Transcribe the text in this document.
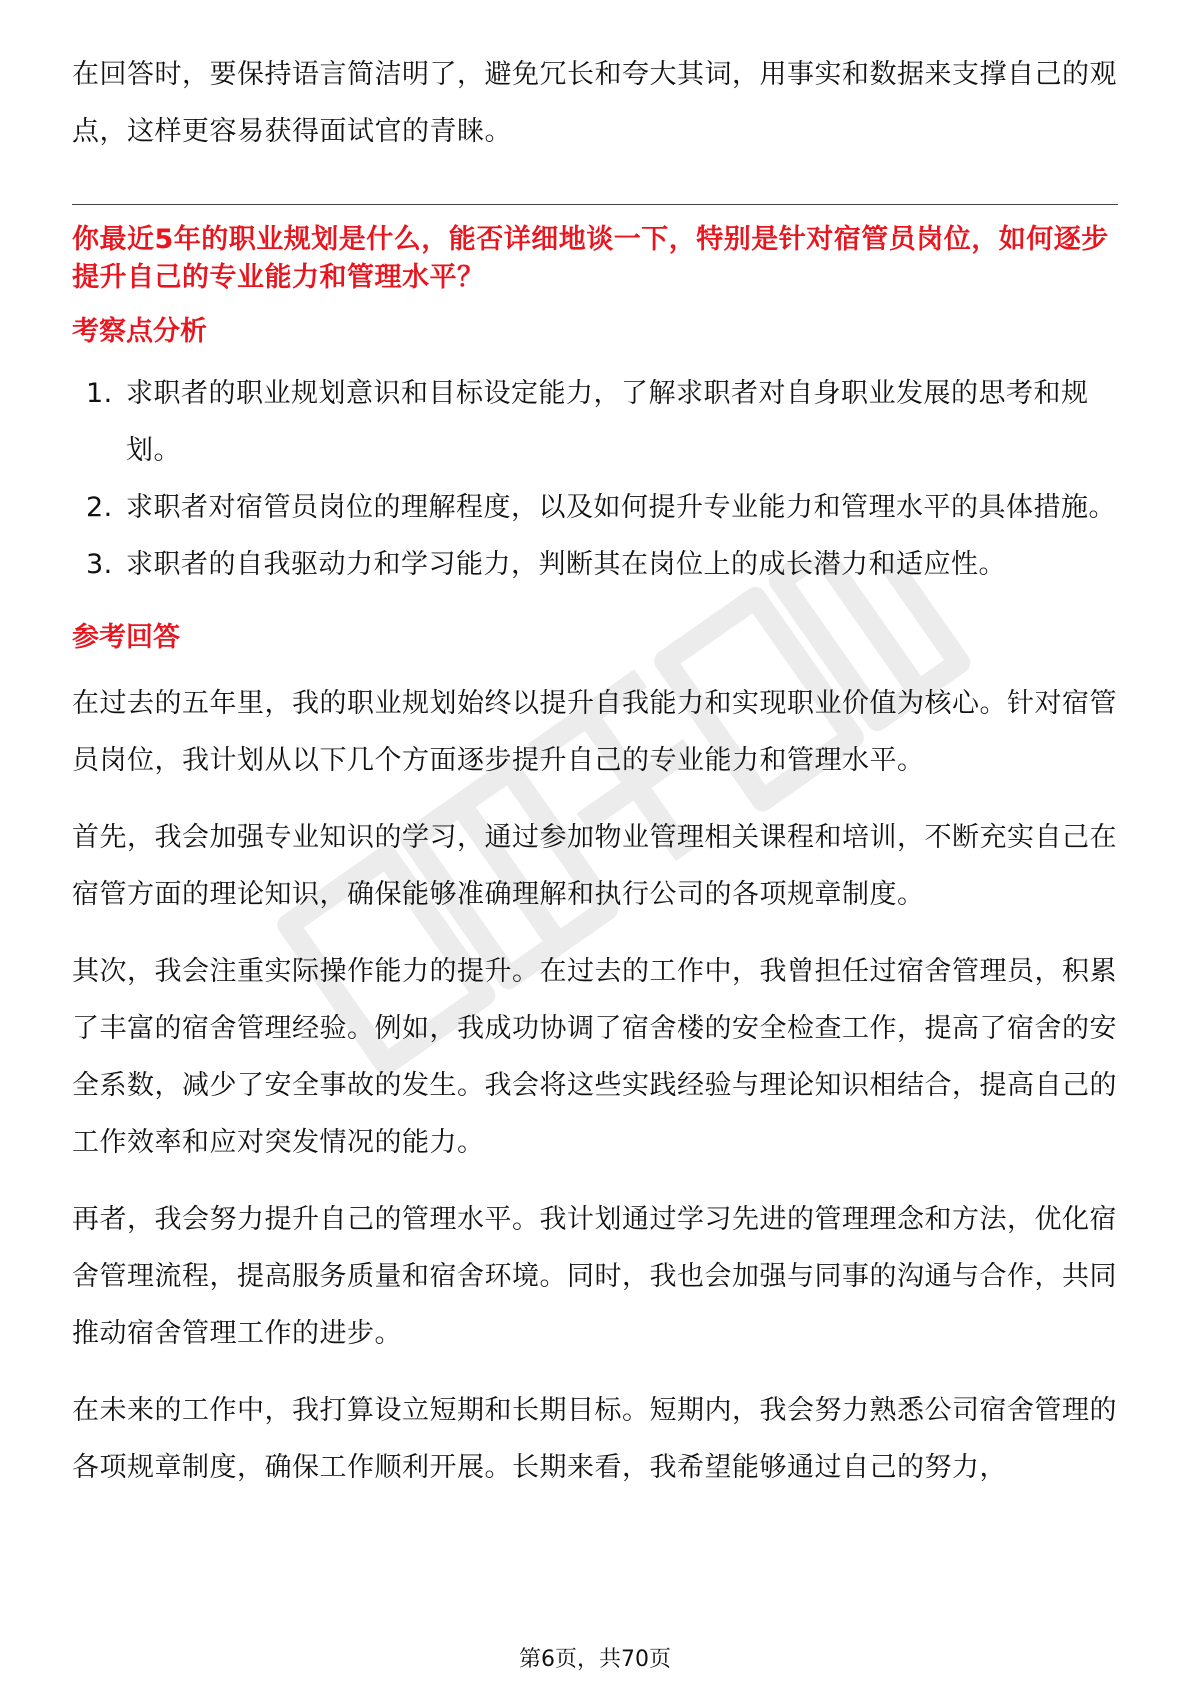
在回答时，要保持语言简洁明了，避免冗长和夸大其词，用事实和数据来支撑自己的观点，这样更容易获得面试官的青睐。

你最近5年的职业规划是什么，能否详细地谈一下，特别是针对宿管员岗位，如何逐步提升自己的专业能力和管理水平？

考察点分析
1. 求职者的职业规划意识和目标设定能力，了解求职者对自身职业发展的思考和规划。
2. 求职者对宿管员岗位的理解程度，以及如何提升专业能力和管理水平的具体措施。
3. 求职者的自我驱动力和学习能力，判断其在岗位上的成长潜力和适应性。
参考回答

在过去的五年里，我的职业规划始终以提升自我能力和实现职业价值为核心。针对宿管员岗位，我计划从以下几个方面逐步提升自己的专业能力和管理水平。

首先，我会加强专业知识的学习，通过参加物业管理相关课程和培训，不断充实自己在宿管方面的理论知识，确保能够准确理解和执行公司的各项规章制度。

其次，我会注重实际操作能力的提升。在过去的工作中，我曾担任过宿舍管理员，积累了丰富的宿舍管理经验。例如，我成功协调了宿舍楼的安全检查工作，提高了宿舍的安全系数，减少了安全事故的发生。我会将这些实践经验与理论知识相结合，提高自己的工作效率和应对突发情况的能力。

再者，我会努力提升自己的管理水平。我计划通过学习先进的管理理念和方法，优化宿舍管理流程，提高服务质量和宿舍环境。同时，我也会加强与同事的沟通与合作，共同推动宿舍管理工作的进步。

在未来的工作中，我打算设立短期和长期目标。短期内，我会努力熟悉公司宿舍管理的各项规章制度，确保工作顺利开展。长期来看，我希望能够通过自己的努力，

第6页，共70页
